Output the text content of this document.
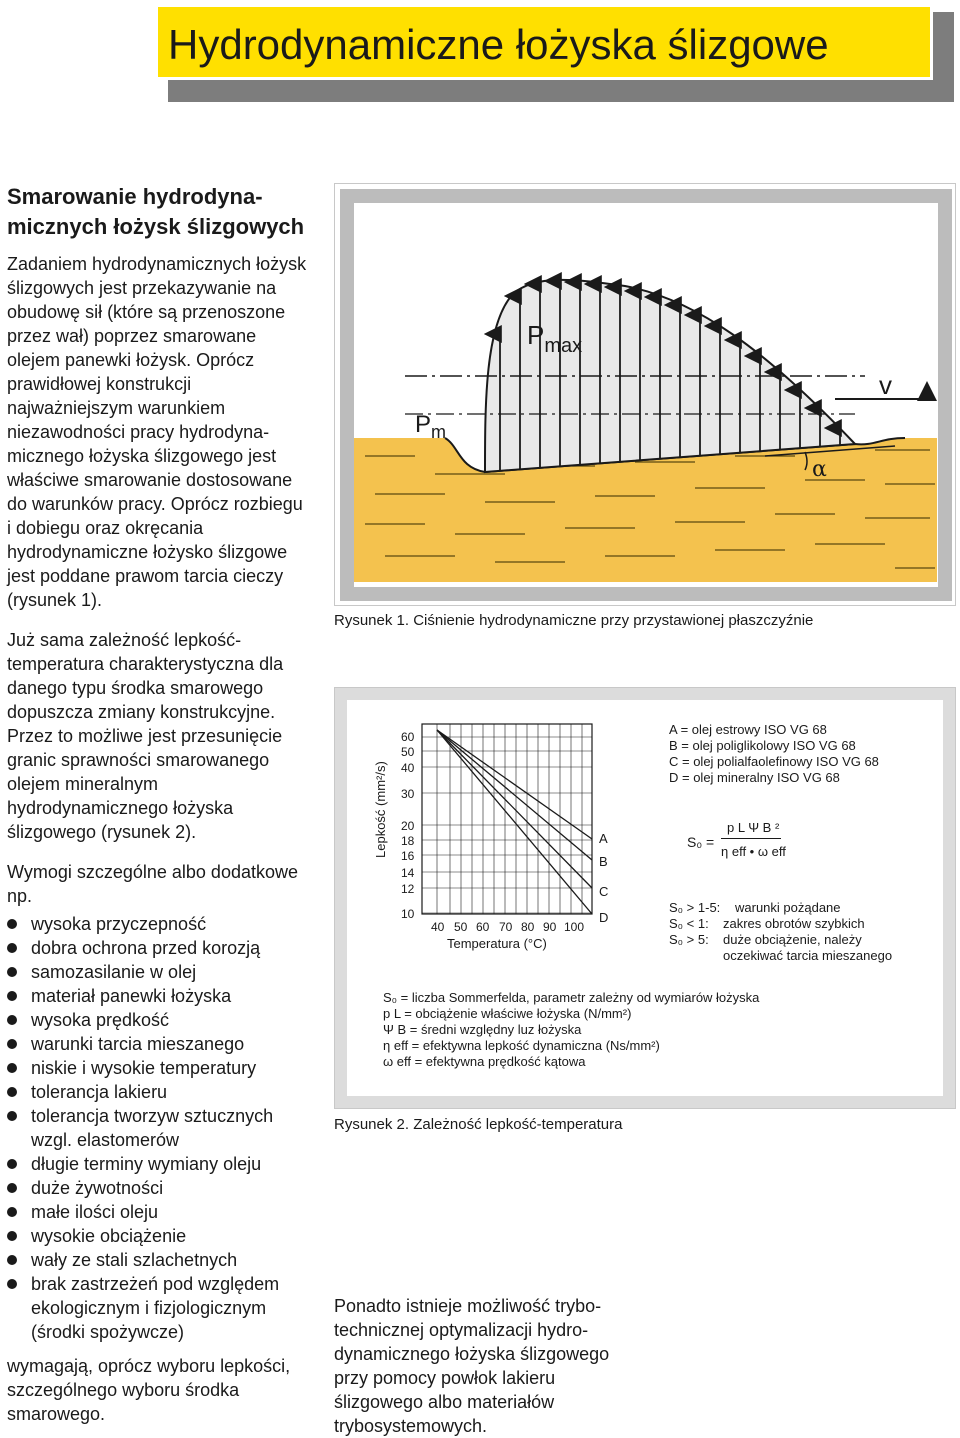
Hydrodynamiczne łożyska ślizgowe
Smarowanie hydrodynamicznych łożysk ślizgowych

Zadaniem hydrodynamicznych łożysk ślizgowych jest przekazywanie na obudowę sił (które są przenoszone przez wał) poprzez smarowane olejem panewki łożysk. Oprócz prawidłowej konstrukcji najważniejszym warunkiem niezawodności pracy hydrodynamicznego łożyska ślizgowego jest właściwe smarowanie dostosowane do warunków pracy. Oprócz rozbiegu i dobiegu oraz okręcania hydrodynamiczne łożysko ślizgowe jest poddane prawom tarcia cieczy (rysunek 1).

Już sama zależność lepkość-temperatura charakterystyczna dla danego typu środka smarowego dopuszcza zmiany konstrukcyjne. Przez to możliwe jest przesunięcie granic sprawności smarowanego olejem mineralnym hydrodynamicznego łożyska ślizgowego (rysunek 2).

Wymogi szczególne albo dodatkowe np.

wysoka przyczepność
dobra ochrona przed korozją
samozasilanie w olej
materiał panewki łożyska
wysoka prędkość
warunki tarcia mieszanego
niskie i wysokie temperatury
tolerancja lakieru
tolerancja tworzyw sztucznych wzgl. elastomerów
długie terminy wymiany oleju
duże żywotności
małe ilości oleju
wysokie obciążenie
wały ze stali szlachetnych
brak zastrzeżeń pod względem ekologicznym i fizjologicznym (środki spożywcze)

wymagają, oprócz wyboru lepkości, szczególnego wyboru środka smarowego.

$P_{max}$
$P_m$
v
α
Rysunek 1. Ciśnienie hydrodynamiczne przy przystawionej płaszczyźnie
Lepkość (mm²/s)
60
50
40
30
20
18
16
14
12
10
40 50 60 70 80 90 100
Temperatura (°C)
A
B
C
D
A = olej estrowy ISO VG 68
B = olej poliglikolowy ISO VG 68
C = olej polialfaolefinowy ISO VG 68
D = olej mineralny ISO VG 68
S₀ =
p L Ψ B ²
η eff • ω eff
S₀ > 1-5: warunki pożądane
S₀ < 1: zakres obrotów szybkich
S₀ > 5: duże obciążenie, należy
oczekiwać tarcia mieszanego
S₀ = liczba Sommerfelda, parametr zależny od wymiarów łożyska
p L = obciążenie właściwe łożyska (N/mm²)
Ψ B = średni względny luz łożyska
η eff = efektywna lepkość dynamiczna (Ns/mm²)
ω eff = efektywna prędkość kątowa
Rysunek 2. Zależność lepkość-temperatura

Ponadto istnieje możliwość trybotechnicznej optymalizacji hydrodynamicznego łożyska ślizgowego przy pomocy powłok lakieru ślizgowego albo materiałów trybosystemowych.
